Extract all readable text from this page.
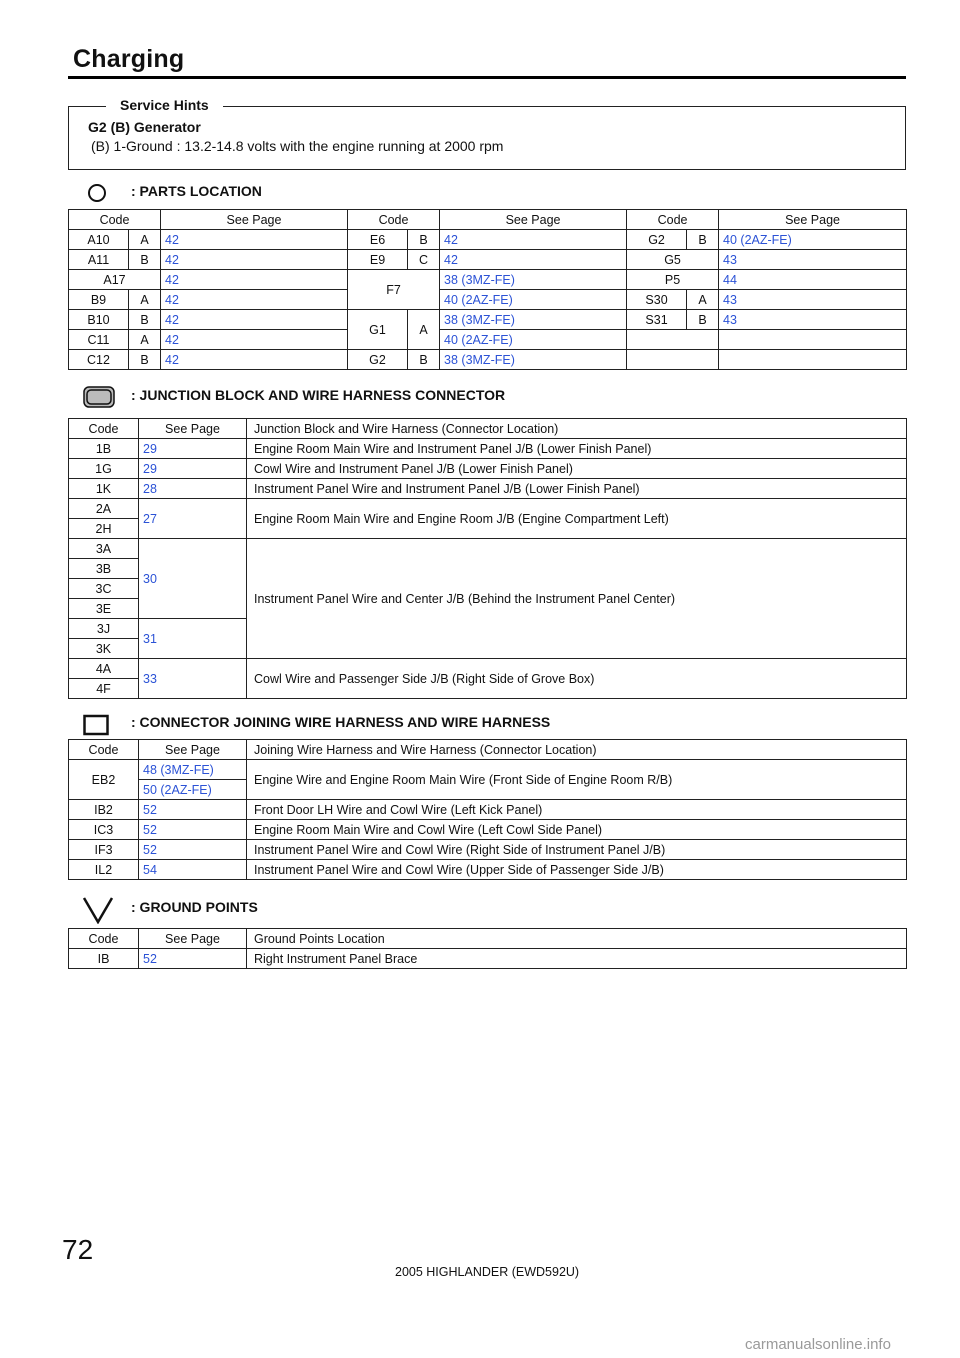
Charging
Service Hints
G2 (B) Generator
(B) 1-Ground : 13.2-14.8 volts with the engine running at 2000 rpm
: PARTS LOCATION
Code		See Page	Code		See Page	Code		See Page
A10	A	42	E6	B	42	G2	B	40 (2AZ-FE)
A11	B	42	E9	C	42	G5		43
A17		42	F7		38 (3MZ-FE)	P5		44
B9	A	42			40 (2AZ-FE)	S30	A	43
B10	B	42	G1	A	38 (3MZ-FE)	S31	B	43
C11	A	42			40 (2AZ-FE)			
C12	B	42	G2	B	38 (3MZ-FE)			
: JUNCTION BLOCK AND WIRE HARNESS CONNECTOR
Code	See Page	Junction Block and Wire Harness (Connector Location)
1B	29	Engine Room Main Wire and Instrument Panel J/B (Lower Finish Panel)
1G	29	Cowl Wire and Instrument Panel J/B (Lower Finish Panel)
1K	28	Instrument Panel Wire and Instrument Panel J/B (Lower Finish Panel)
2A	27	Engine Room Main Wire and Engine Room J/B (Engine Compartment Left)
2H		
3A	30	Instrument Panel Wire and Center J/B (Behind the Instrument Panel Center)
3B		
3C		
3E		
3J	31	
3K		
4A	33	Cowl Wire and Passenger Side J/B (Right Side of Grove Box)
4F		
: CONNECTOR JOINING WIRE HARNESS AND WIRE HARNESS
Code	See Page	Joining Wire Harness and Wire Harness (Connector Location)
EB2	48 (3MZ-FE)	Engine Wire and Engine Room Main Wire (Front Side of Engine Room R/B)
	50 (2AZ-FE)	
IB2	52	Front Door LH Wire and Cowl Wire (Left Kick Panel)
IC3	52	Engine Room Main Wire and Cowl Wire (Left Cowl Side Panel)
IF3	52	Instrument Panel Wire and Cowl Wire (Right Side of Instrument Panel J/B)
IL2	54	Instrument Panel Wire and Cowl Wire (Upper Side of Passenger Side J/B)
: GROUND POINTS
Code	See Page	Ground Points Location
IB	52	Right Instrument Panel Brace
72
2005 HIGHLANDER (EWD592U)
carmanualsonline.info
